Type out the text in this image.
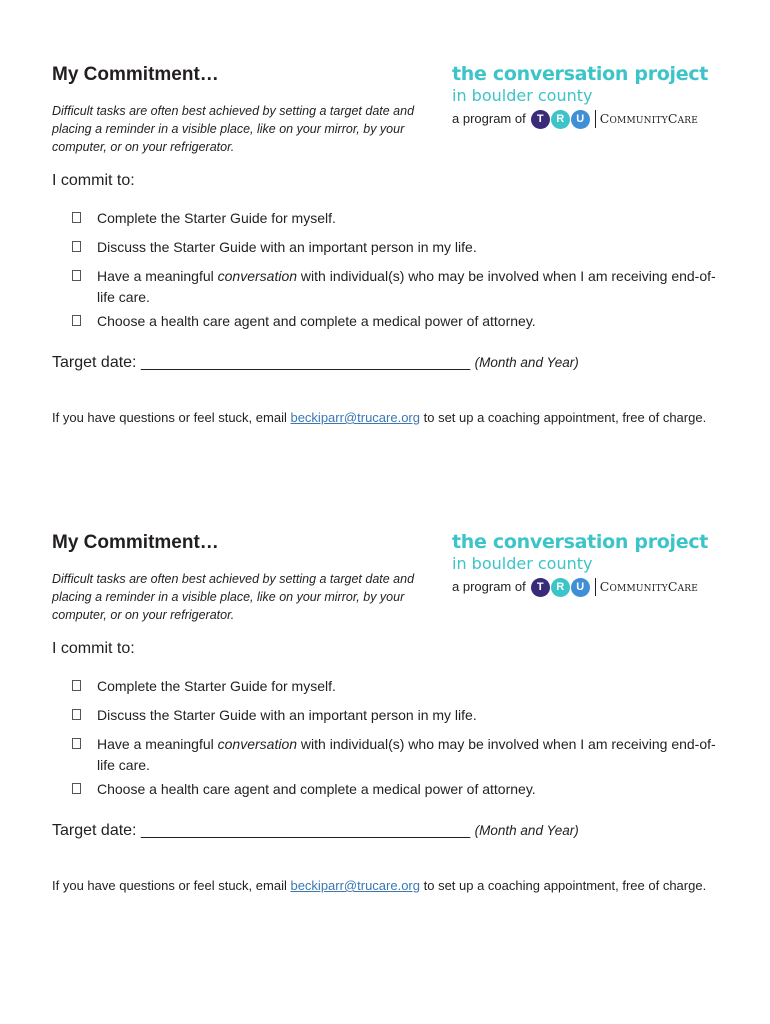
My Commitment…

Difficult tasks are often best achieved by setting a target date and placing a reminder in a visible place, like on your mirror, by your computer, or on your refrigerator.

the conversation project
in boulder county
a program of	T	R	U	CommunityCare

I commit to:

Complete the Starter Guide for myself.
Discuss the Starter Guide with an important person in my life.
Have a meaningful conversation with individual(s) who may be involved when I am receiving end-of-life care.
Choose a health care agent and complete a medical power of attorney.

Target date: _____________________________________ (Month and Year)

If you have questions or feel stuck, email beckiparr@trucare.org to set up a coaching appointment, free of charge.

My Commitment…

Difficult tasks are often best achieved by setting a target date and placing a reminder in a visible place, like on your mirror, by your computer, or on your refrigerator.

the conversation project
in boulder county
a program of	T	R	U	CommunityCare

I commit to:

Complete the Starter Guide for myself.
Discuss the Starter Guide with an important person in my life.
Have a meaningful conversation with individual(s) who may be involved when I am receiving end-of-life care.
Choose a health care agent and complete a medical power of attorney.

Target date: _____________________________________ (Month and Year)

If you have questions or feel stuck, email beckiparr@trucare.org to set up a coaching appointment, free of charge.
